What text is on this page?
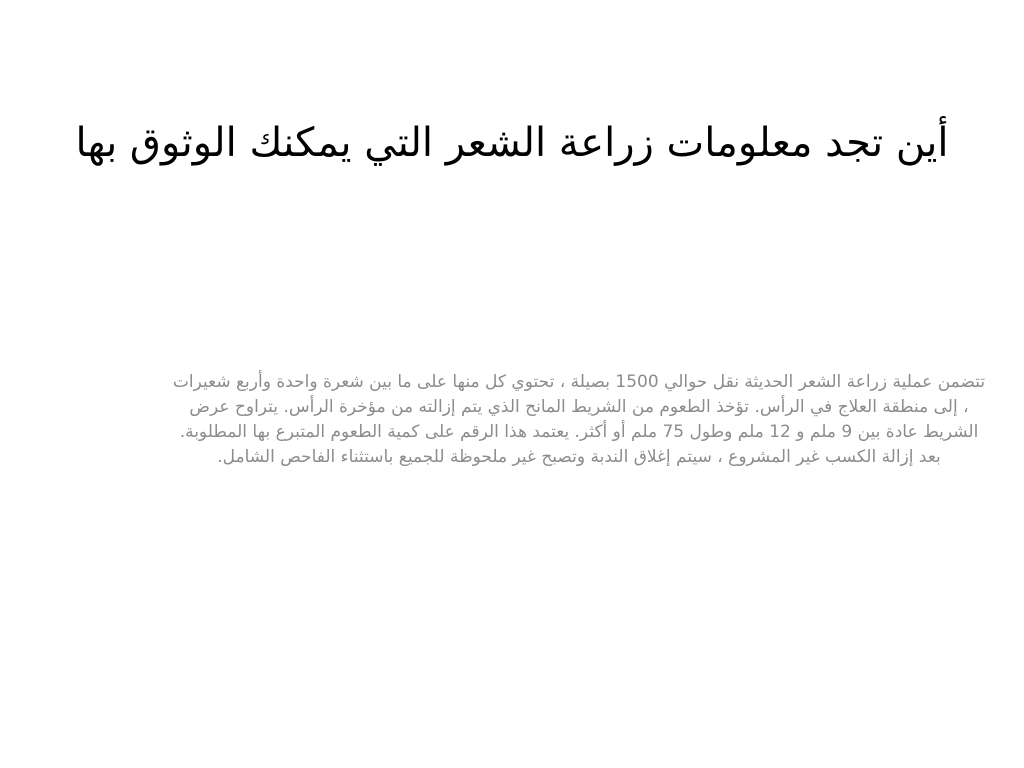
أين تجد معلومات زراعة الشعر التي يمكنك الوثوق بها

تتضمن عملية زراعة الشعر الحديثة نقل حوالي 1500 بصيلة ، تحتوي كل منها على ما بين شعرة واحدة وأربع شعيرات ، إلى منطقة العلاج في الرأس. تؤخذ الطعوم من الشريط المانح الذي يتم إزالته من مؤخرة الرأس. يتراوح عرض الشريط عادة بين 9 ملم و 12 ملم وطول 75 ملم أو أكثر. يعتمد هذا الرقم على كمية الطعوم المتبرع بها المطلوبة. بعد إزالة الكسب غير المشروع ، سيتم إغلاق الندبة وتصبح غير ملحوظة للجميع باستثناء الفاحص الشامل.
